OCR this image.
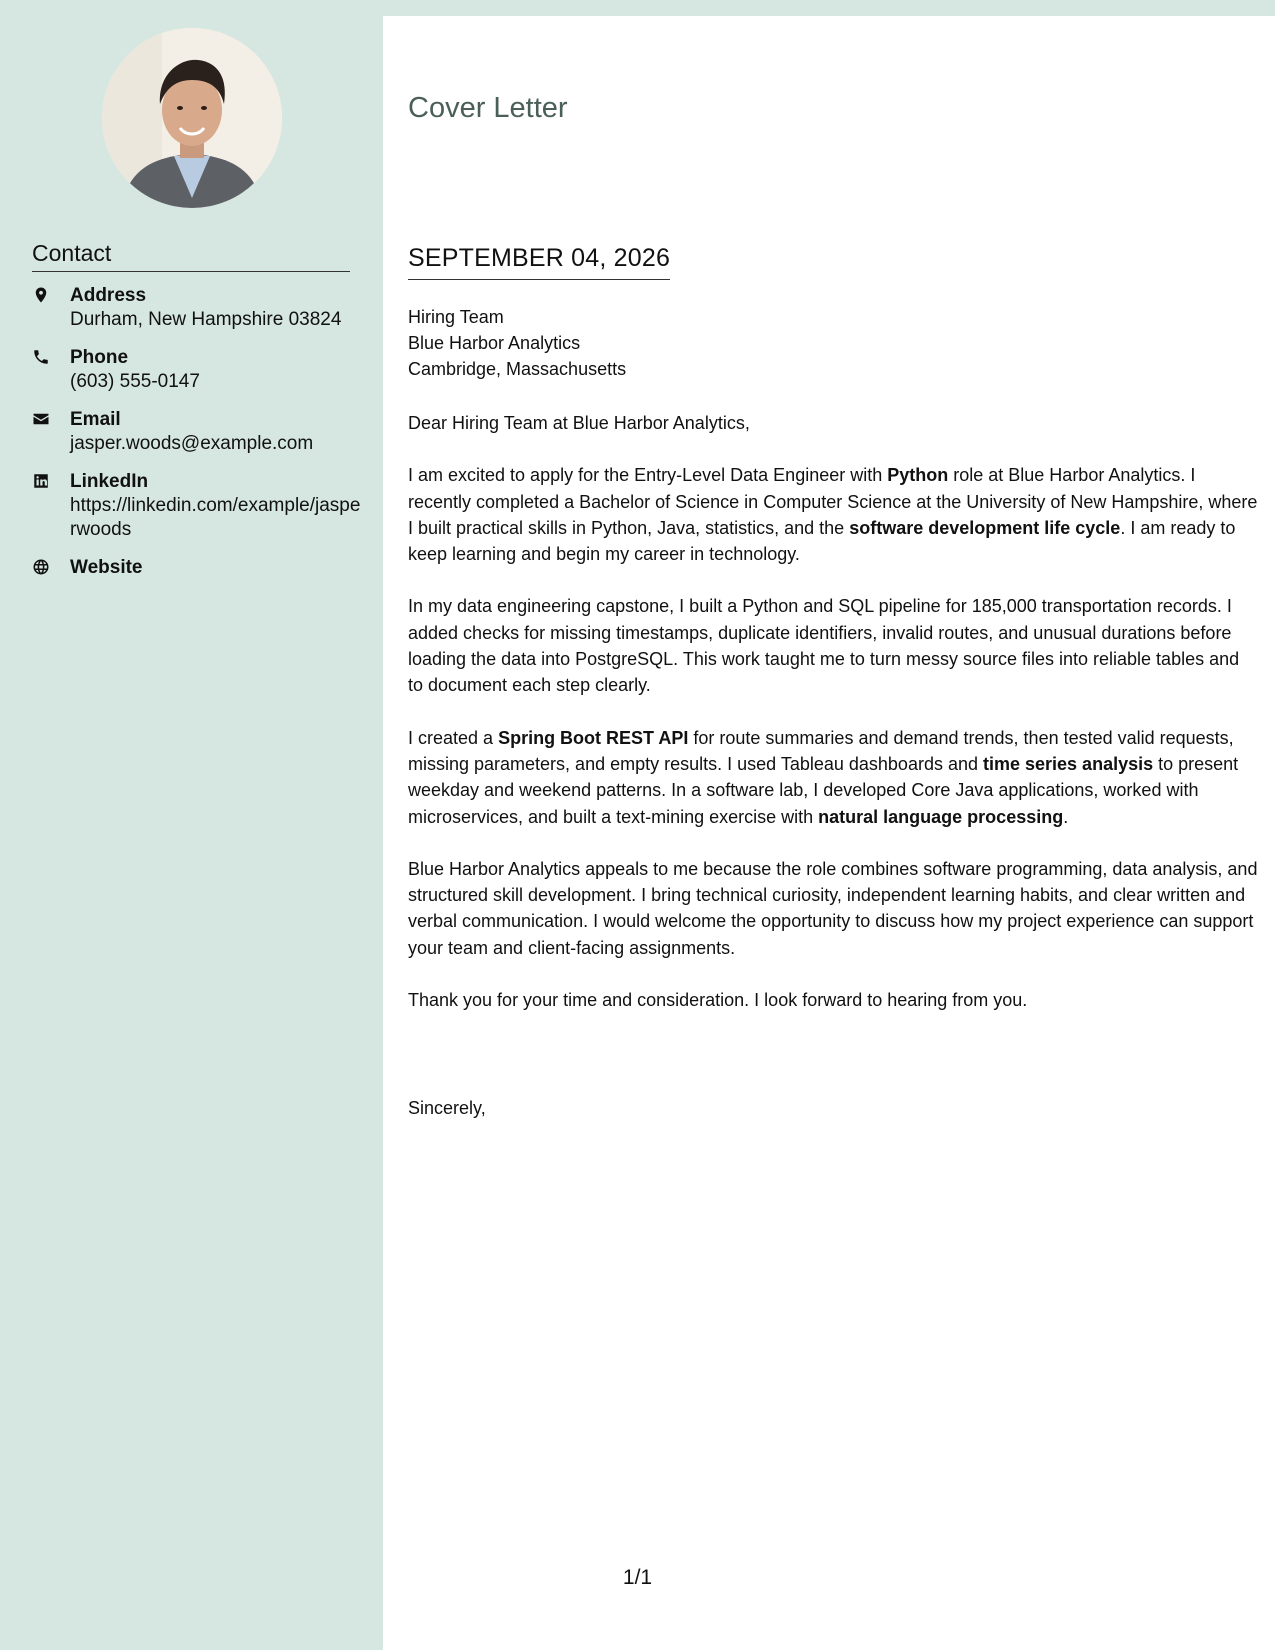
Contact
Address
Durham, New Hampshire 03824
Phone
(603) 555-0147
Email
jasper.woods@example.com
LinkedIn
https://linkedin.com/example/jasperwoods
Website
Cover Letter
SEPTEMBER 04, 2026
Hiring Team
Blue Harbor Analytics
Cambridge, Massachusetts

Dear Hiring Team at Blue Harbor Analytics,

I am excited to apply for the Entry-Level Data Engineer with Python role at Blue Harbor Analytics. I recently completed a Bachelor of Science in Computer Science at the University of New Hampshire, where I built practical skills in Python, Java, statistics, and the software development life cycle. I am ready to keep learning and begin my career in technology.

In my data engineering capstone, I built a Python and SQL pipeline for 185,000 transportation records. I added checks for missing timestamps, duplicate identifiers, invalid routes, and unusual durations before loading the data into PostgreSQL. This work taught me to turn messy source files into reliable tables and to document each step clearly.

I created a Spring Boot REST API for route summaries and demand trends, then tested valid requests, missing parameters, and empty results. I used Tableau dashboards and time series analysis to present weekday and weekend patterns. In a software lab, I developed Core Java applications, worked with microservices, and built a text-mining exercise with natural language processing.

Blue Harbor Analytics appeals to me because the role combines software programming, data analysis, and structured skill development. I bring technical curiosity, independent learning habits, and clear written and verbal communication. I would welcome the opportunity to discuss how my project experience can support your team and client-facing assignments.

Thank you for your time and consideration. I look forward to hearing from you.

Sincerely,
1/1
